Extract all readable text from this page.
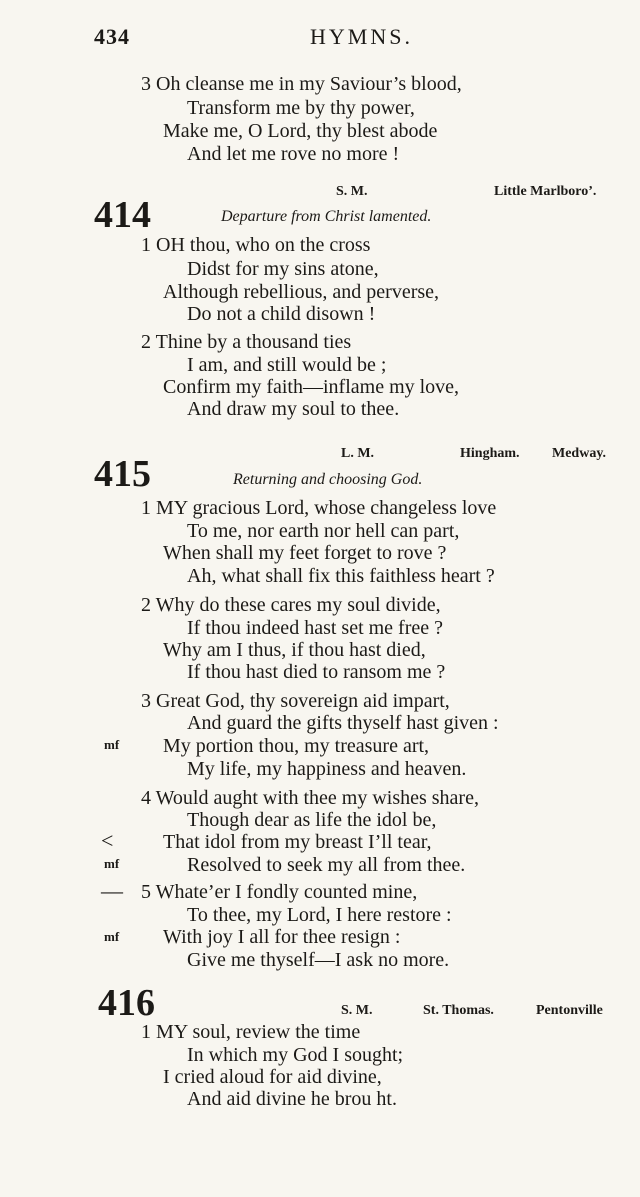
434	HYMNS.
3 Oh cleanse me in my Saviour’s blood,
Transform me by thy power,
Make me, O Lord, thy blest abode
And let me rove no more !
S. M.	Little Marlboro’.
414	Departure from Christ lamented.
1 OH thou, who on the cross
Didst for my sins atone,
Although rebellious, and perverse,
Do not a child disown !
2 Thine by a thousand ties
I am, and still would be ;
Confirm my faith—inflame my love,
And draw my soul to thee.
L. M.	Hingham. Medway.
415	Returning and choosing God.
1 MY gracious Lord, whose changeless love
To me, nor earth nor hell can part,
When shall my feet forget to rove ?
Ah, what shall fix this faithless heart ?
2 Why do these cares my soul divide,
If thou indeed hast set me free ?
Why am I thus, if thou hast died,
If thou hast died to ransom me ?
3 Great God, thy sovereign aid impart,
And guard the gifts thyself hast given :
mf My portion thou, my treasure art,
My life, my happiness and heaven.
4 Would aught with thee my wishes share,
Though dear as life the idol be,
< That idol from my breast I’ll tear,
mf	Resolved to seek my all from thee.
— 5 Whate’er I fondly counted mine,
To thee, my Lord, I here restore :
mf With joy I all for thee resign :
Give me thyself—I ask no more.
416	S. M.	St. Thomas.	Pentonville
1 MY soul, review the time
In which my God I sought;
I cried aloud for aid divine,
And aid divine he brou ht.
